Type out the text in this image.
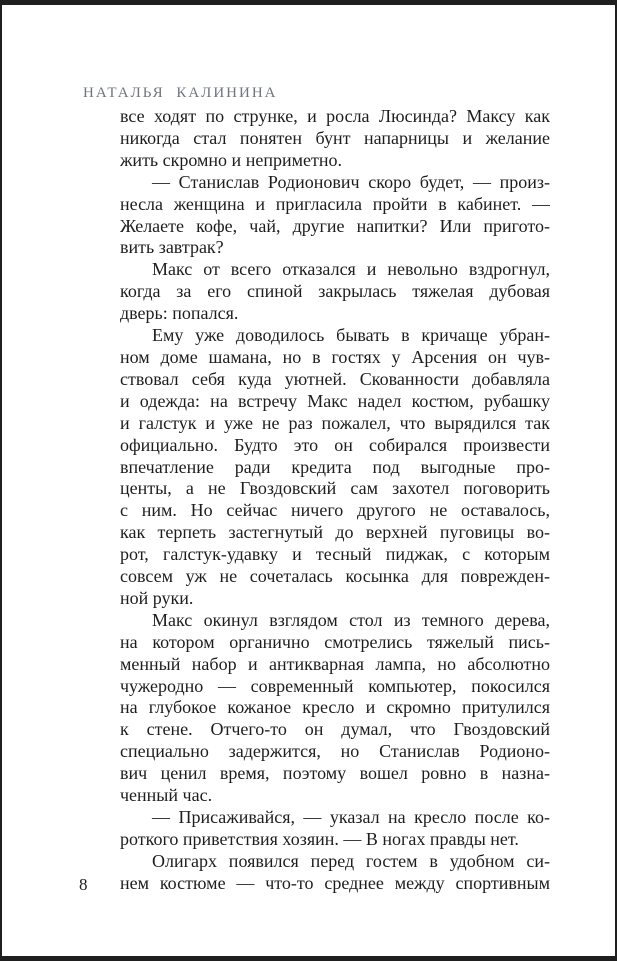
НАТАЛЬЯ КАЛИНИНА
все ходят по струнке, и росла Люсинда? Максу как
никогда стал понятен бунт напарницы и желание
жить скромно и неприметно.
— Станислав Родионович скоро будет, — произ-
несла женщина и пригласила пройти в кабинет. —
Желаете кофе, чай, другие напитки? Или пригото-
вить завтрак?
Макс от всего отказался и невольно вздрогнул,
когда за его спиной закрылась тяжелая дубовая
дверь: попался.
Ему уже доводилось бывать в кричаще убран-
ном доме шамана, но в гостях у Арсения он чув-
ствовал себя куда уютней. Скованности добавляла
и одежда: на встречу Макс надел костюм, рубашку
и галстук и уже не раз пожалел, что вырядился так
официально. Будто это он собирался произвести
впечатление ради кредита под выгодные про-
центы, а не Гвоздовский сам захотел поговорить
с ним. Но сейчас ничего другого не оставалось,
как терпеть застегнутый до верхней пуговицы во-
рот, галстук-удавку и тесный пиджак, с которым
совсем уж не сочеталась косынка для поврежден-
ной руки.
Макс окинул взглядом стол из темного дерева,
на котором органично смотрелись тяжелый пись-
менный набор и антикварная лампа, но абсолютно
чужеродно — современный компьютер, покосился
на глубокое кожаное кресло и скромно притулился
к стене. Отчего-то он думал, что Гвоздовский
специально задержится, но Станислав Родионо-
вич ценил время, поэтому вошел ровно в назна-
ченный час.
— Присаживайся, — указал на кресло после ко-
роткого приветствия хозяин. — В ногах правды нет.
Олигарх появился перед гостем в удобном си-
нем костюме — что-то среднее между спортивным
8
